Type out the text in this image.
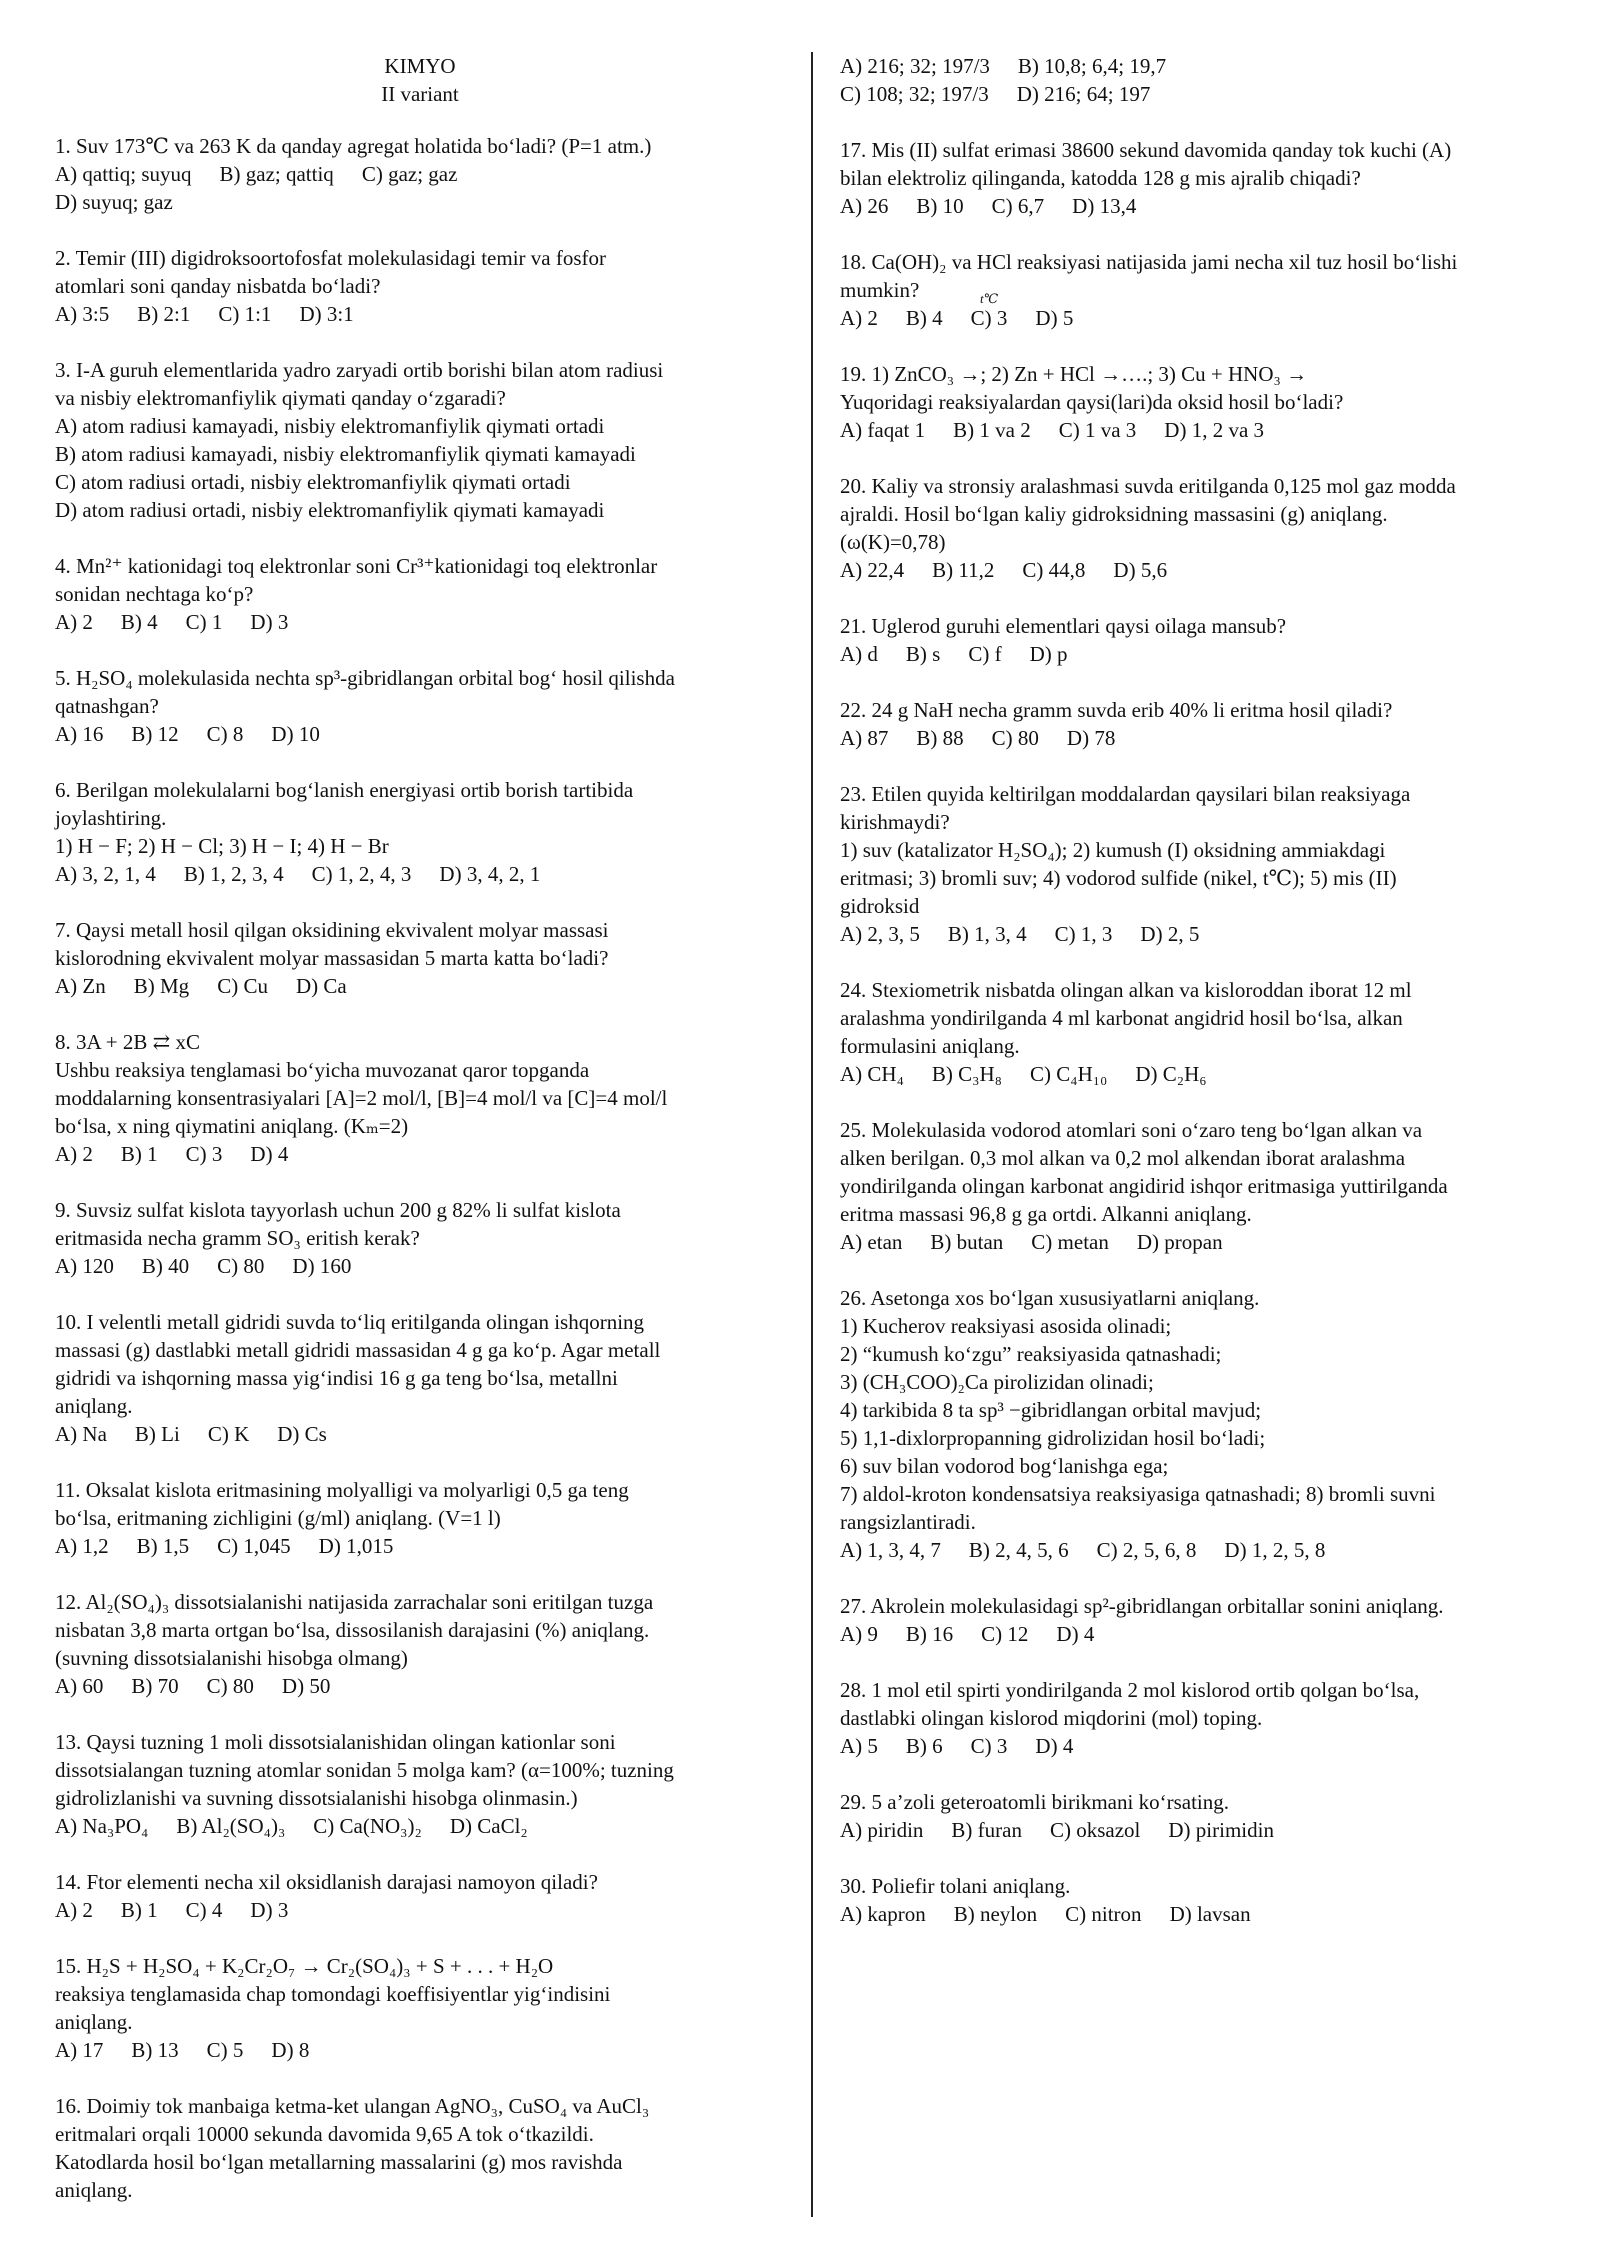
KIMYO
II variant

1. Suv 173℃ va 263 K da qanday agregat holatida bo‘ladi? (P=1 atm.)

A) qattiq; suyuq B) gaz; qattiq C) gaz; gaz

D) suyuq; gaz

2. Temir (III) digidroksoortofosfat molekulasidagi temir va fosfor

atomlari soni qanday nisbatda bo‘ladi?

A) 3:5 B) 2:1 C) 1:1 D) 3:1

3. I-A guruh elementlarida yadro zaryadi ortib borishi bilan atom radiusi

va nisbiy elektromanfiylik qiymati qanday o‘zgaradi?

A) atom radiusi kamayadi, nisbiy elektromanfiylik qiymati ortadi

B) atom radiusi kamayadi, nisbiy elektromanfiylik qiymati kamayadi

C) atom radiusi ortadi, nisbiy elektromanfiylik qiymati ortadi

D) atom radiusi ortadi, nisbiy elektromanfiylik qiymati kamayadi

4. Mn²⁺ kationidagi toq elektronlar soni Cr³⁺kationidagi toq elektronlar

sonidan nechtaga ko‘p?

A) 2 B) 4 C) 1 D) 3

5. H₂SO₄ molekulasida nechta sp³-gibridlangan orbital bog‘ hosil qilishda

qatnashgan?

A) 16 B) 12 C) 8 D) 10

6. Berilgan molekulalarni bog‘lanish energiyasi ortib borish tartibida

joylashtiring.

1) H − F; 2) H − Cl; 3) H − I; 4) H − Br

A) 3, 2, 1, 4 B) 1, 2, 3, 4 C) 1, 2, 4, 3 D) 3, 4, 2, 1

7. Qaysi metall hosil qilgan oksidining ekvivalent molyar massasi

kislorodning ekvivalent molyar massasidan 5 marta katta bo‘ladi?

A) Zn B) Mg C) Cu D) Ca

8. 3A + 2B ⇄ xC

Ushbu reaksiya tenglamasi bo‘yicha muvozanat qaror topganda

moddalarning konsentrasiyalari [A]=2 mol/l, [B]=4 mol/l va [C]=4 mol/l

bo‘lsa, x ning qiymatini aniqlang. (Kₘ=2)

A) 2 B) 1 C) 3 D) 4

9. Suvsiz sulfat kislota tayyorlash uchun 200 g 82% li sulfat kislota

eritmasida necha gramm SO₃ eritish kerak?

A) 120 B) 40 C) 80 D) 160

10. I velentli metall gidridi suvda to‘liq eritilganda olingan ishqorning

massasi (g) dastlabki metall gidridi massasidan 4 g ga ko‘p. Agar metall

gidridi va ishqorning massa yig‘indisi 16 g ga teng bo‘lsa, metallni

aniqlang.

A) Na B) Li C) K D) Cs

11. Oksalat kislota eritmasining molyalligi va molyarligi 0,5 ga teng

bo‘lsa, eritmaning zichligini (g/ml) aniqlang. (V=1 l)

A) 1,2 B) 1,5 C) 1,045 D) 1,015

12. Al₂(SO₄)₃ dissotsialanishi natijasida zarrachalar soni eritilgan tuzga

nisbatan 3,8 marta ortgan bo‘lsa, dissosilanish darajasini (%) aniqlang.

(suvning dissotsialanishi hisobga olmang)

A) 60 B) 70 C) 80 D) 50

13. Qaysi tuzning 1 moli dissotsialanishidan olingan kationlar soni

dissotsialangan tuzning atomlar sonidan 5 molga kam? (α=100%; tuzning

gidrolizlanishi va suvning dissotsialanishi hisobga olinmasin.)

A) Na₃PO₄ B) Al₂(SO₄)₃ C) Ca(NO₃)₂ D) CaCl₂

14. Ftor elementi necha xil oksidlanish darajasi namoyon qiladi?

A) 2 B) 1 C) 4 D) 3

15. H₂S + H₂SO₄ + K₂Cr₂O₇ → Cr₂(SO₄)₃ + S + . . . + H₂O

reaksiya tenglamasida chap tomondagi koeffisiyentlar yig‘indisini

aniqlang.

A) 17 B) 13 C) 5 D) 8

16. Doimiy tok manbaiga ketma-ket ulangan AgNO₃, CuSO₄ va AuCl₃

eritmalari orqali 10000 sekunda davomida 9,65 A tok o‘tkazildi.

Katodlarda hosil bo‘lgan metallarning massalarini (g) mos ravishda

aniqlang.

A) 216; 32; 197/3 B) 10,8; 6,4; 19,7

C) 108; 32; 197/3 D) 216; 64; 197

17. Mis (II) sulfat erimasi 38600 sekund davomida qanday tok kuchi (A)

bilan elektroliz qilinganda, katodda 128 g mis ajralib chiqadi?

A) 26 B) 10 C) 6,7 D) 13,4

18. Ca(OH)₂ va HCl reaksiyasi natijasida jami necha xil tuz hosil bo‘lishi

mumkin?

A) 2 B) 4 C) 3 D) 5

t℃

19. 1) ZnCO₃ →; 2) Zn + HCl →….; 3) Cu + HNO₃ →

Yuqoridagi reaksiyalardan qaysi(lari)da oksid hosil bo‘ladi?

A) faqat 1 B) 1 va 2 C) 1 va 3 D) 1, 2 va 3

20. Kaliy va stronsiy aralashmasi suvda eritilganda 0,125 mol gaz modda

ajraldi. Hosil bo‘lgan kaliy gidroksidning massasini (g) aniqlang.

(ω(K)=0,78)

A) 22,4 B) 11,2 C) 44,8 D) 5,6

21. Uglerod guruhi elementlari qaysi oilaga mansub?

A) d B) s C) f D) p

22. 24 g NaH necha gramm suvda erib 40% li eritma hosil qiladi?

A) 87 B) 88 C) 80 D) 78

23. Etilen quyida keltirilgan moddalardan qaysilari bilan reaksiyaga

kirishmaydi?

1) suv (katalizator H₂SO₄); 2) kumush (I) oksidning ammiakdagi

eritmasi; 3) bromli suv; 4) vodorod sulfide (nikel, t℃); 5) mis (II)

gidroksid

A) 2, 3, 5 B) 1, 3, 4 C) 1, 3 D) 2, 5

24. Stexiometrik nisbatda olingan alkan va kisloroddan iborat 12 ml

aralashma yondirilganda 4 ml karbonat angidrid hosil bo‘lsa, alkan

formulasini aniqlang.

A) CH₄ B) C₃H₈ C) C₄H₁₀ D) C₂H₆

25. Molekulasida vodorod atomlari soni o‘zaro teng bo‘lgan alkan va

alken berilgan. 0,3 mol alkan va 0,2 mol alkendan iborat aralashma

yondirilganda olingan karbonat angidirid ishqor eritmasiga yuttirilganda

eritma massasi 96,8 g ga ortdi. Alkanni aniqlang.

A) etan B) butan C) metan D) propan

26. Asetonga xos bo‘lgan xususiyatlarni aniqlang.

1) Kucherov reaksiyasi asosida olinadi;

2) “kumush ko‘zgu” reaksiyasida qatnashadi;

3) (CH₃COO)₂Ca pirolizidan olinadi;

4) tarkibida 8 ta sp³ −gibridlangan orbital mavjud;

5) 1,1-dixlorpropanning gidrolizidan hosil bo‘ladi;

6) suv bilan vodorod bog‘lanishga ega;

7) aldol-kroton kondensatsiya reaksiyasiga qatnashadi; 8) bromli suvni

rangsizlantiradi.

A) 1, 3, 4, 7 B) 2, 4, 5, 6 C) 2, 5, 6, 8 D) 1, 2, 5, 8

27. Akrolein molekulasidagi sp²-gibridlangan orbitallar sonini aniqlang.

A) 9 B) 16 C) 12 D) 4

28. 1 mol etil spirti yondirilganda 2 mol kislorod ortib qolgan bo‘lsa,

dastlabki olingan kislorod miqdorini (mol) toping.

A) 5 B) 6 C) 3 D) 4

29. 5 a’zoli geteroatomli birikmani ko‘rsating.

A) piridin B) furan C) oksazol D) pirimidin

30. Poliefir tolani aniqlang.

A) kapron B) neylon C) nitron D) lavsan
